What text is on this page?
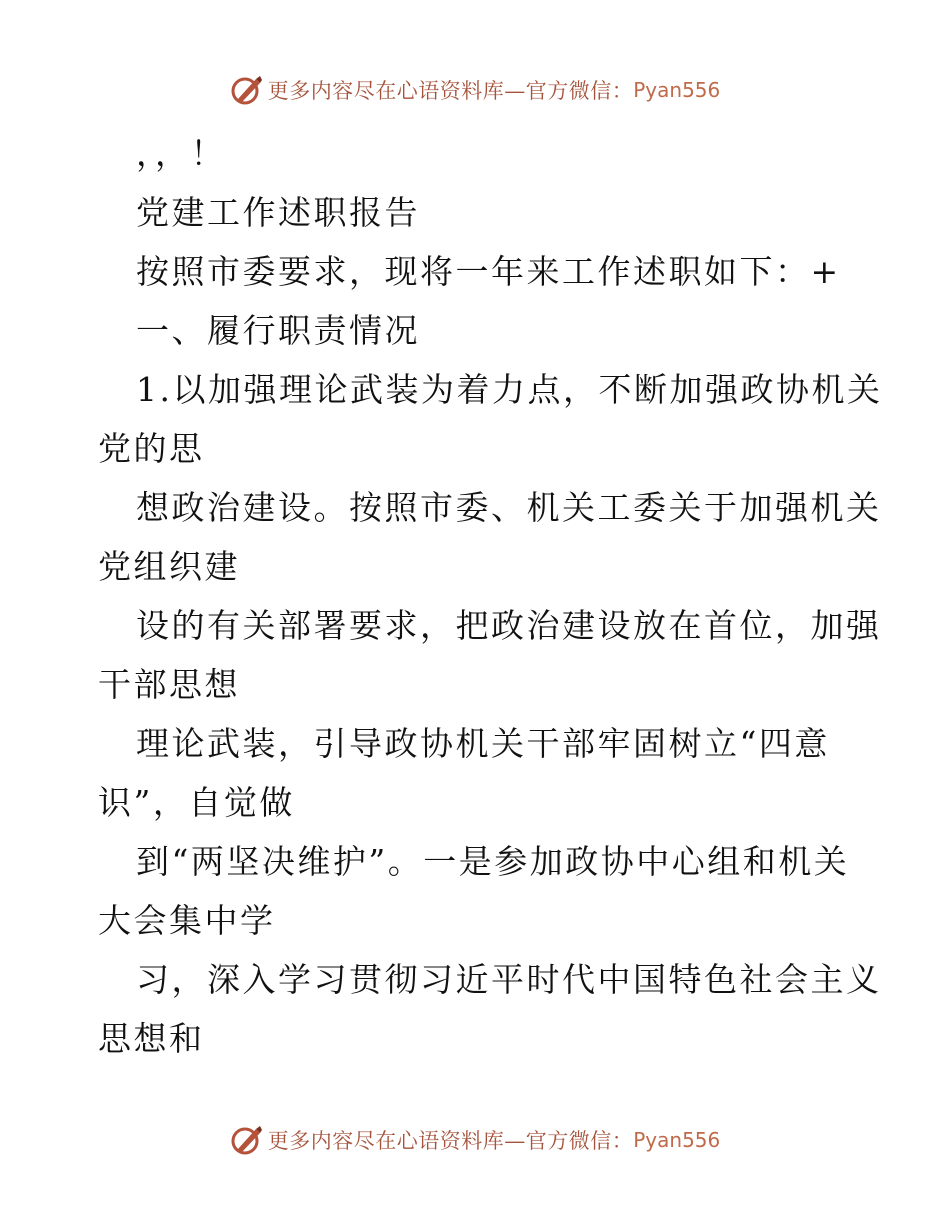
更多内容尽在心语资料库—官方微信： Pyan556
，，！
党建工作述职报告
按照市委要求，现将一年来工作述职如下：+
一、履行职责情况
1.以加强理论武装为着力点，不断加强政协机关
党的思
想政治建设。按照市委、机关工委关于加强机关
党组织建
设的有关部署要求，把政治建设放在首位，加强
干部思想
理论武装，引导政协机关干部牢固树立“四意
识”，自觉做
到“两坚决维护”。一是参加政协中心组和机关
大会集中学
习，深入学习贯彻习近平时代中国特色社会主义
思想和
更多内容尽在心语资料库—官方微信： Pyan556
